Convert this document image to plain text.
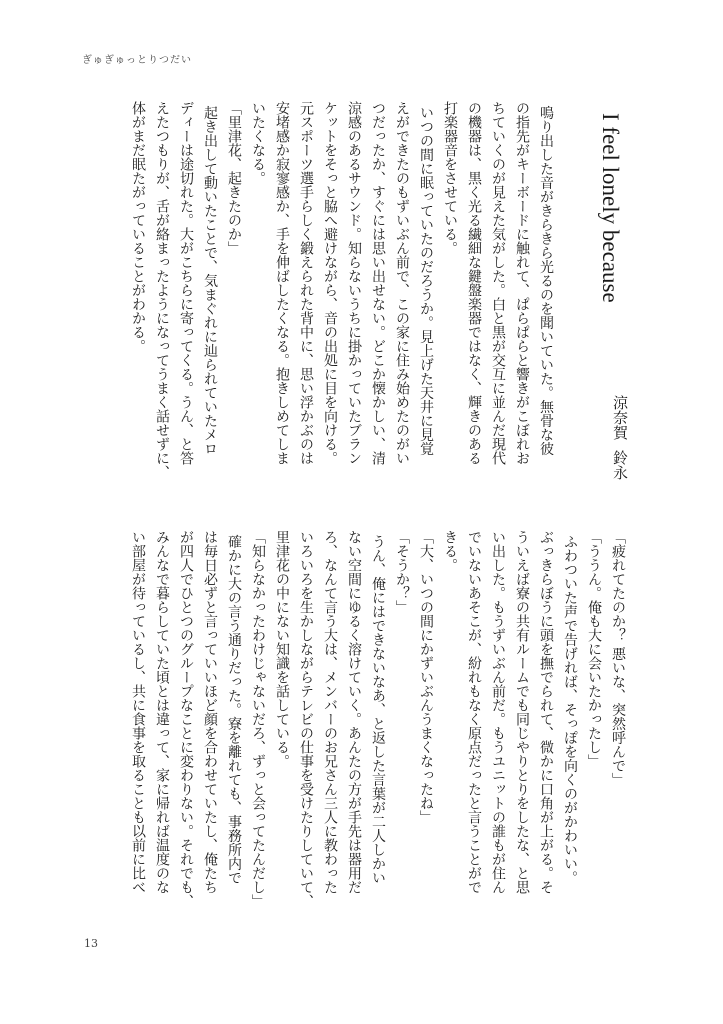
ぎゅぎゅっとりつだい
I feel lonely because
涼奈賀鈴永
鳴り出した音がきらきら光るのを聞いていた。無骨な彼
の指先がキーボードに触れて、ぱらぱらと響きがこぼれお
ちていくのが見えた気がした。白と黒が交互に並んだ現代
の機器は、黒く光る繊細な鍵盤楽器ではなく、輝きのある
打楽器音をさせている。
いつの間に眠っていたのだろうか。見上げた天井に見覚
えができたのもずいぶん前で、この家に住み始めたのがい
つだったか、すぐには思い出せない。どこか懐かしい、清
涼感のあるサウンド。知らないうちに掛かっていたブラン
ケットをそっと脇へ避けながら、音の出処に目を向ける。
元スポーツ選手らしく鍛えられた背中に、思い浮かぶのは
安堵感か寂寥感か、手を伸ばしたくなる。抱きしめてしま
いたくなる。
「里津花、起きたのか」
起き出して動いたことで、気まぐれに辿られていたメロ
ディーは途切れた。大がこちらに寄ってくる。うん、と答
えたつもりが、舌が絡まったようになってうまく話せずに、
体がまだ眠たがっていることがわかる。
「疲れてたのか？ 悪いな、突然呼んで」
「ううん。俺も大に会いたかったし」
ふわついた声で告げれば、そっぽを向くのがかわいい。
ぶっきらぼうに頭を撫でられて、微かに口角が上がる。そ
ういえば寮の共有ルームでも同じやりとりをしたな、と思
い出した。もうずいぶん前だ。もうユニットの誰もが住ん
でいないあそこが、紛れもなく原点だったと言うことがで
きる。
「大、いつの間にかずいぶんうまくなったね」
「そうか？」
うん、俺にはできないなあ、と返した言葉が二人しかい
ない空間にゆるく溶けていく。あんたの方が手先は器用だ
ろ、なんて言う大は、メンバーのお兄さん三人に教わった
いろいろを生かしながらテレビの仕事を受けたりしていて、
里津花の中にない知識を話している。
「知らなかったわけじゃないだろ、ずっと会ってたんだし」
確かに大の言う通りだった。寮を離れても、事務所内で
は毎日必ずと言っていいほど顔を合わせていたし、俺たち
が四人でひとつのグループなことに変わりない。それでも、
みんなで暮らしていた頃とは違って、家に帰れば温度のな
い部屋が待っているし、共に食事を取ることも以前に比べ
13
